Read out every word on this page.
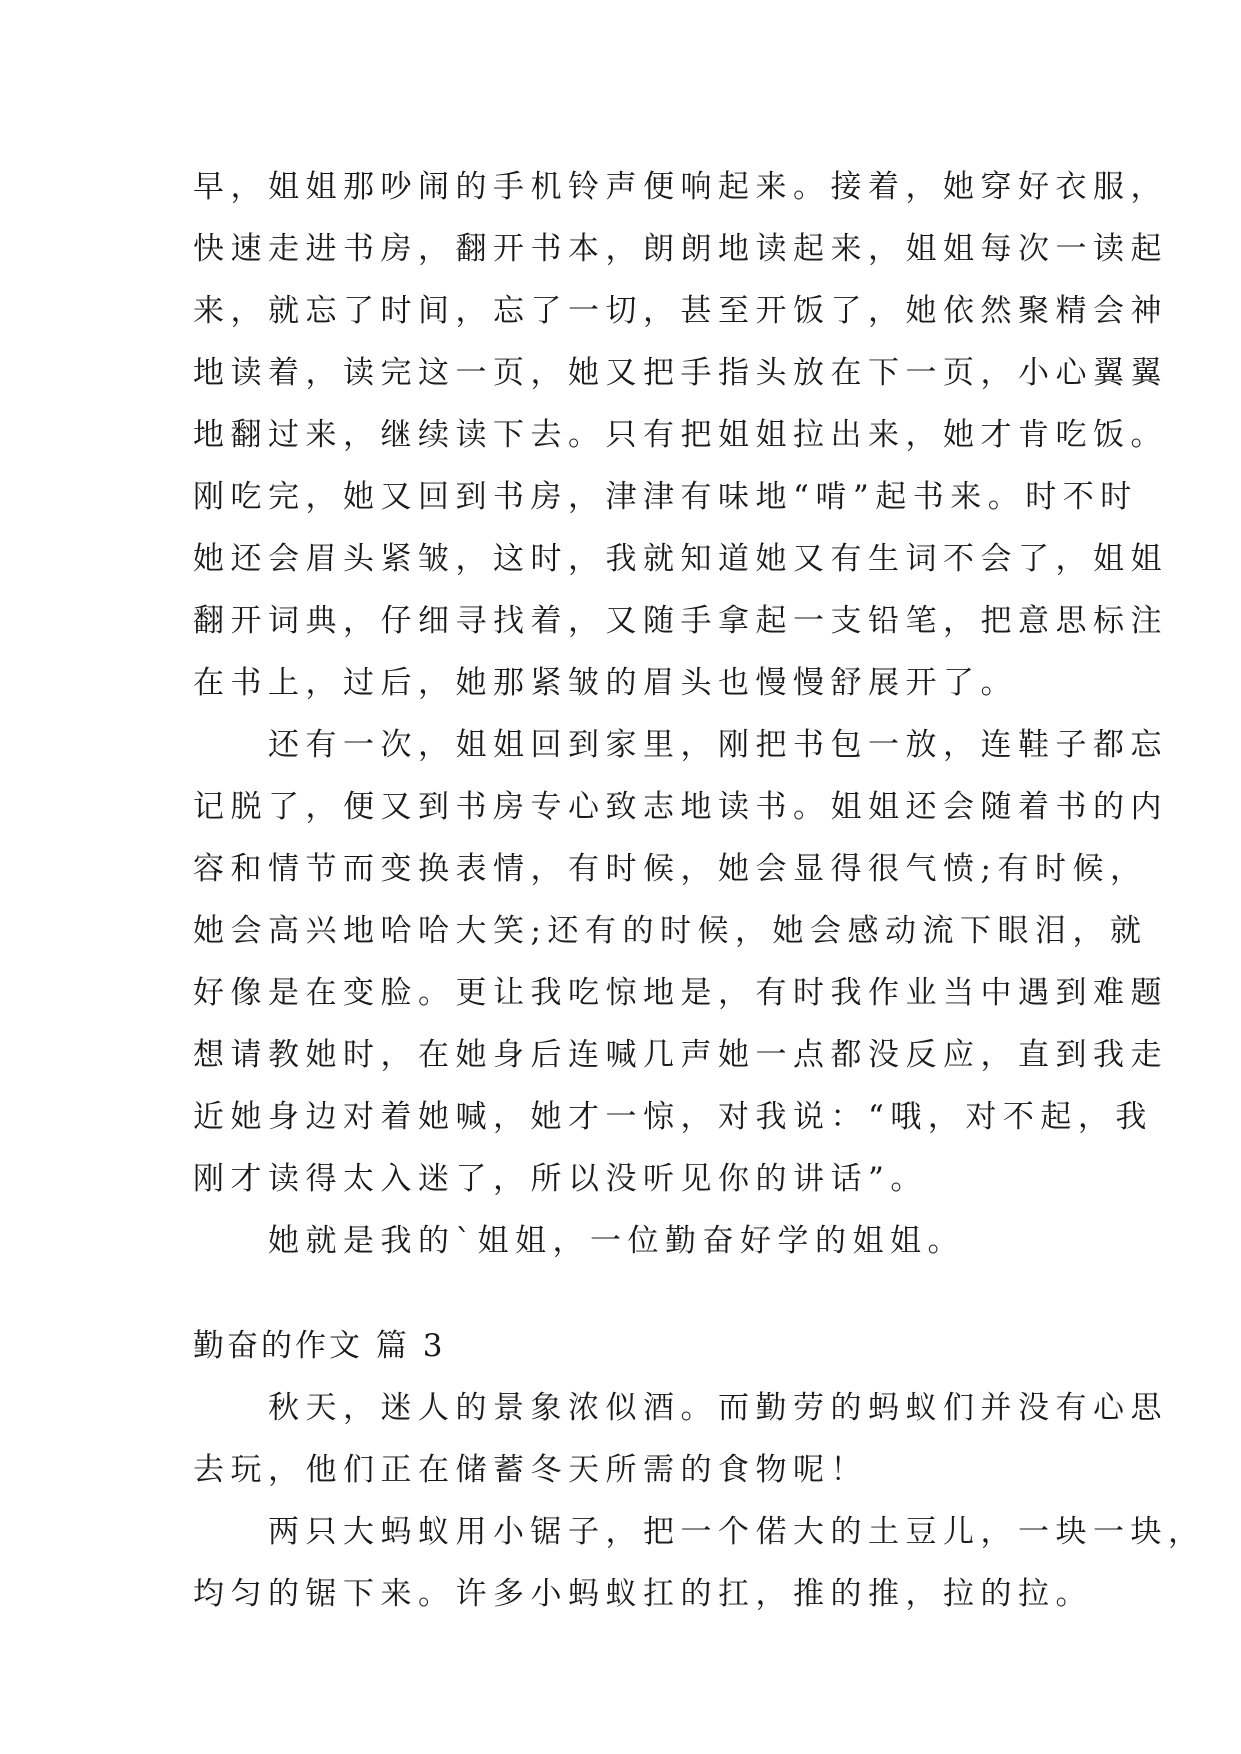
早，姐姐那吵闹的手机铃声便响起来。接着，她穿好衣服，
快速走进书房，翻开书本，朗朗地读起来，姐姐每次一读起
来，就忘了时间，忘了一切，甚至开饭了，她依然聚精会神
地读着，读完这一页，她又把手指头放在下一页，小心翼翼
地翻过来，继续读下去。只有把姐姐拉出来，她才肯吃饭。
刚吃完，她又回到书房，津津有味地“啃”起书来。时不时
她还会眉头紧皱，这时，我就知道她又有生词不会了，姐姐
翻开词典，仔细寻找着，又随手拿起一支铅笔，把意思标注
在书上，过后，她那紧皱的眉头也慢慢舒展开了。
　　还有一次，姐姐回到家里，刚把书包一放，连鞋子都忘
记脱了，便又到书房专心致志地读书。姐姐还会随着书的内
容和情节而变换表情，有时候，她会显得很气愤;有时候，
她会高兴地哈哈大笑;还有的时候，她会感动流下眼泪，就
好像是在变脸。更让我吃惊地是，有时我作业当中遇到难题
想请教她时，在她身后连喊几声她一点都没反应，直到我走
近她身边对着她喊，她才一惊，对我说：“哦，对不起，我
刚才读得太入迷了，所以没听见你的讲话”。
　　她就是我的`姐姐，一位勤奋好学的姐姐。
勤奋的作文 篇 3
　　秋天，迷人的景象浓似酒。而勤劳的蚂蚁们并没有心思
去玩，他们正在储蓄冬天所需的食物呢！
　　两只大蚂蚁用小锯子，把一个偌大的土豆儿，一块一块，
均匀的锯下来。许多小蚂蚁扛的扛，推的推，拉的拉。
